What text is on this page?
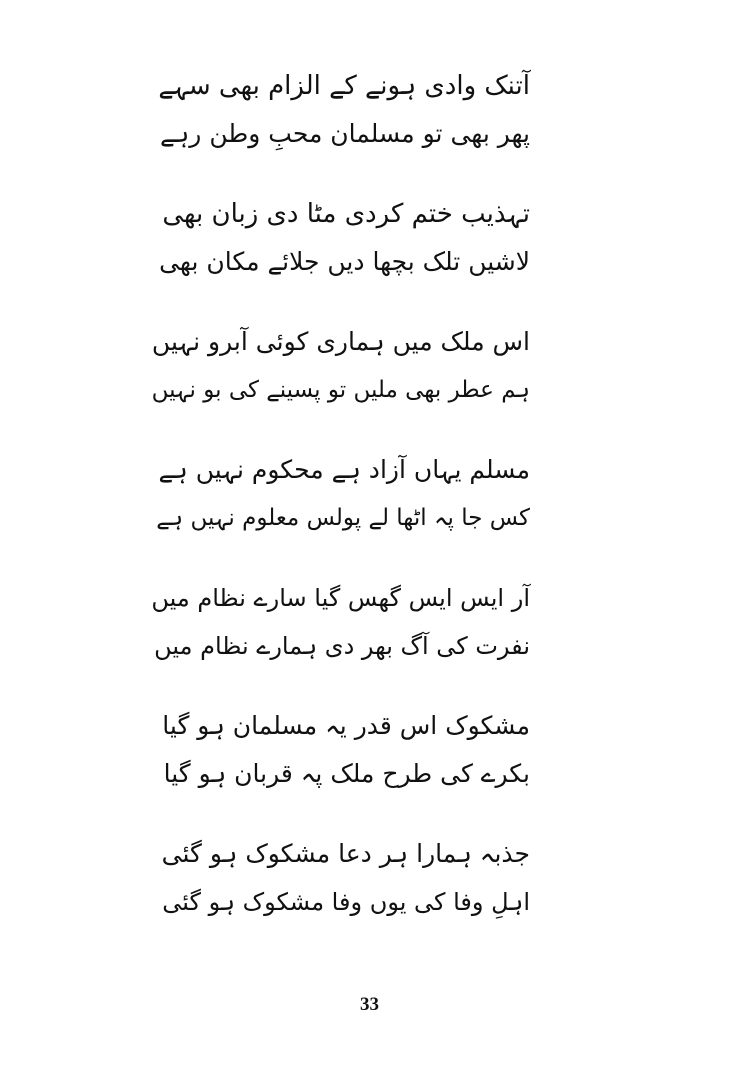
آتنک وادی ہونے کے الزام بھی سہے
پھر بھی تو مسلمان محبِ وطن رہے
تہذیب ختم کردی مٹا دی زبان بھی
لاشیں تلک بچھا دیں جلائے مکان بھی
اس ملک میں ہماری کوئی آبرو نہیں
ہم عطر بھی ملیں تو پسینے کی بو نہیں
مسلم یہاں آزاد ہے محکوم نہیں ہے
کس جا پہ اٹھا لے پولس معلوم نہیں ہے
آر ایس ایس گھس گیا سارے نظام میں
نفرت کی آگ بھر دی ہمارے نظام میں
مشکوک اس قدر یہ مسلمان ہو گیا
بکرے کی طرح ملک پہ قربان ہو گیا
جذبہ ہمارا ہر دعا مشکوک ہو گئی
اہلِ وفا کی یوں وفا مشکوک ہو گئی
33
